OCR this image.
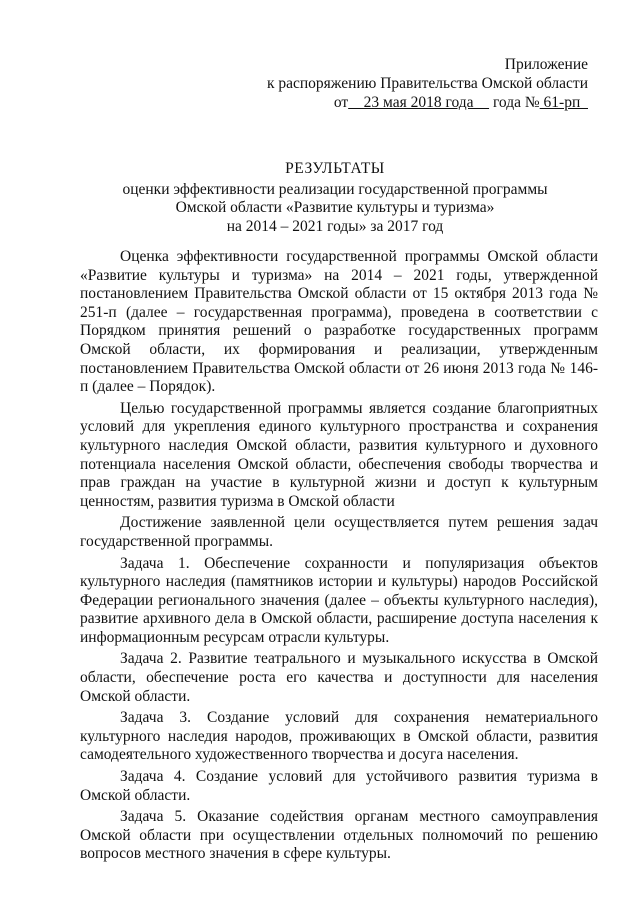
Приложение
к распоряжению Правительства Омской области
от    23 мая 2018 года     года № 61-рп
РЕЗУЛЬТАТЫ
оценки эффективности реализации государственной программы
Омской области «Развитие культуры и туризма»
на 2014 – 2021 годы» за 2017 год

Оценка эффективности государственной программы Омской области «Развитие культуры и туризма» на 2014 – 2021 годы, утвержденной постановлением Правительства Омской области от 15 октября 2013 года № 251-п (далее – государственная программа), проведена в соответствии с Порядком принятия решений о разработке государственных программ Омской области, их формирования и реализации, утвержденным постановлением Правительства Омской области от 26 июня 2013 года № 146-п (далее – Порядок).

Целью государственной программы является создание благоприятных условий для укрепления единого культурного пространства и сохранения культурного наследия Омской области, развития культурного и духовного потенциала населения Омской области, обеспечения свободы творчества и прав граждан на участие в культурной жизни и доступ к культурным ценностям, развития туризма в Омской области

Достижение заявленной цели осуществляется путем решения задач государственной программы.

Задача 1. Обеспечение сохранности и популяризация объектов культурного наследия (памятников истории и культуры) народов Российской Федерации регионального значения (далее – объекты культурного наследия), развитие архивного дела в Омской области, расширение доступа населения к информационным ресурсам отрасли культуры.

Задача 2. Развитие театрального и музыкального искусства в Омской области, обеспечение роста его качества и доступности для населения Омской области.

Задача 3. Создание условий для сохранения нематериального культурного наследия народов, проживающих в Омской области, развития самодеятельного художественного творчества и досуга населения.

Задача 4. Создание условий для устойчивого развития туризма в Омской области.

Задача 5. Оказание содействия органам местного самоуправления Омской области при осуществлении отдельных полномочий по решению вопросов местного значения в сфере культуры.
